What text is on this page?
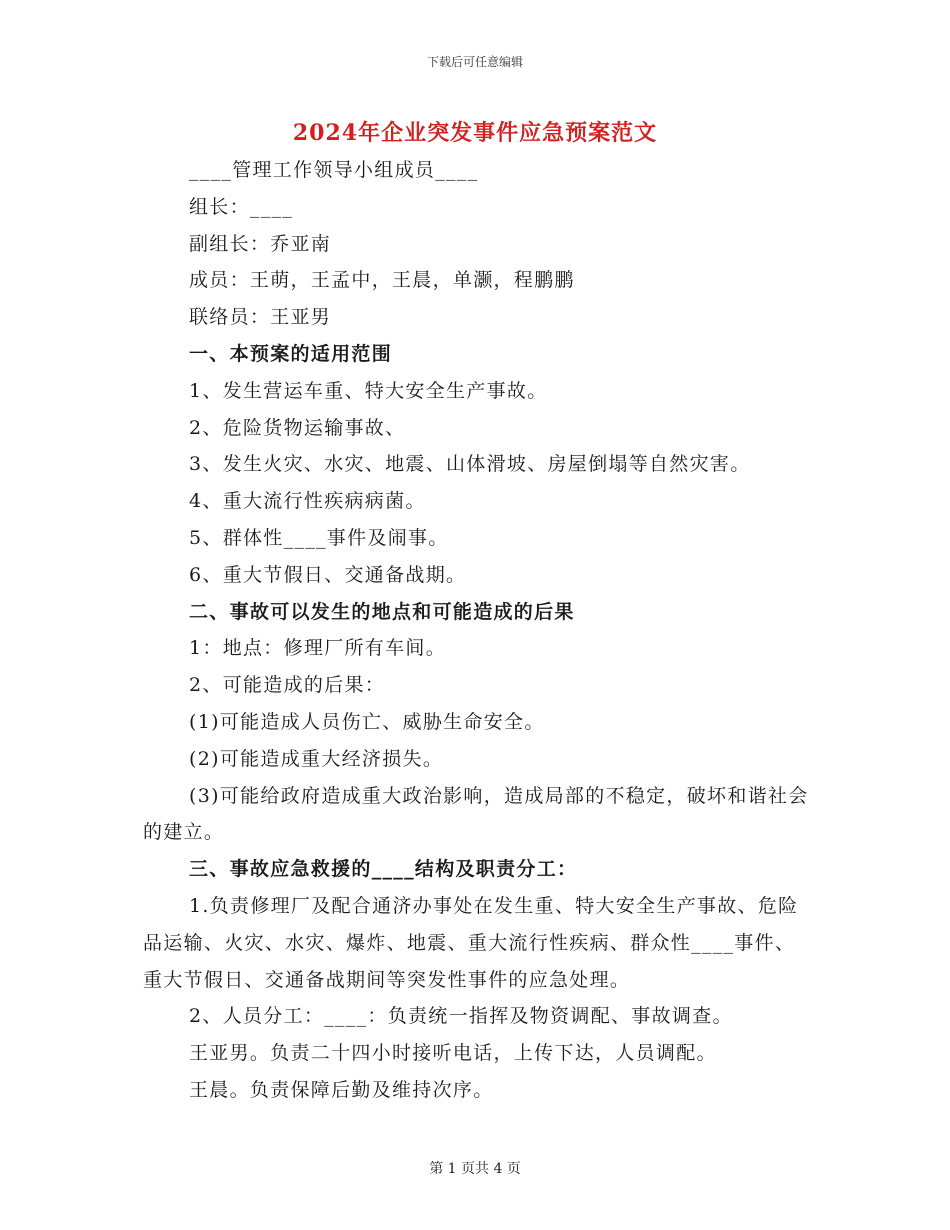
下载后可任意编辑
2024年企业突发事件应急预案范文
____管理工作领导小组成员____
组长：____
副组长：乔亚南
成员：王萌，王孟中，王晨，单灏，程鹏鹏
联络员：王亚男
一、本预案的适用范围
1、发生营运车重、特大安全生产事故。
2、危险货物运输事故、
3、发生火灾、水灾、地震、山体滑坡、房屋倒塌等自然灾害。
4、重大流行性疾病病菌。
5、群体性____事件及闹事。
6、重大节假日、交通备战期。
二、事故可以发生的地点和可能造成的后果
1：地点：修理厂所有车间。
2、可能造成的后果：
(1)可能造成人员伤亡、威胁生命安全。
(2)可能造成重大经济损失。
(3)可能给政府造成重大政治影响，造成局部的不稳定，破坏和谐社会的建立。
三、事故应急救援的____结构及职责分工：
1.负责修理厂及配合通济办事处在发生重、特大安全生产事故、危险品运输、火灾、水灾、爆炸、地震、重大流行性疾病、群众性____事件、重大节假日、交通备战期间等突发性事件的应急处理。
2、人员分工：____：负责统一指挥及物资调配、事故调查。
王亚男。负责二十四小时接听电话，上传下达，人员调配。
王晨。负责保障后勤及维持次序。
第 1 页共 4 页
